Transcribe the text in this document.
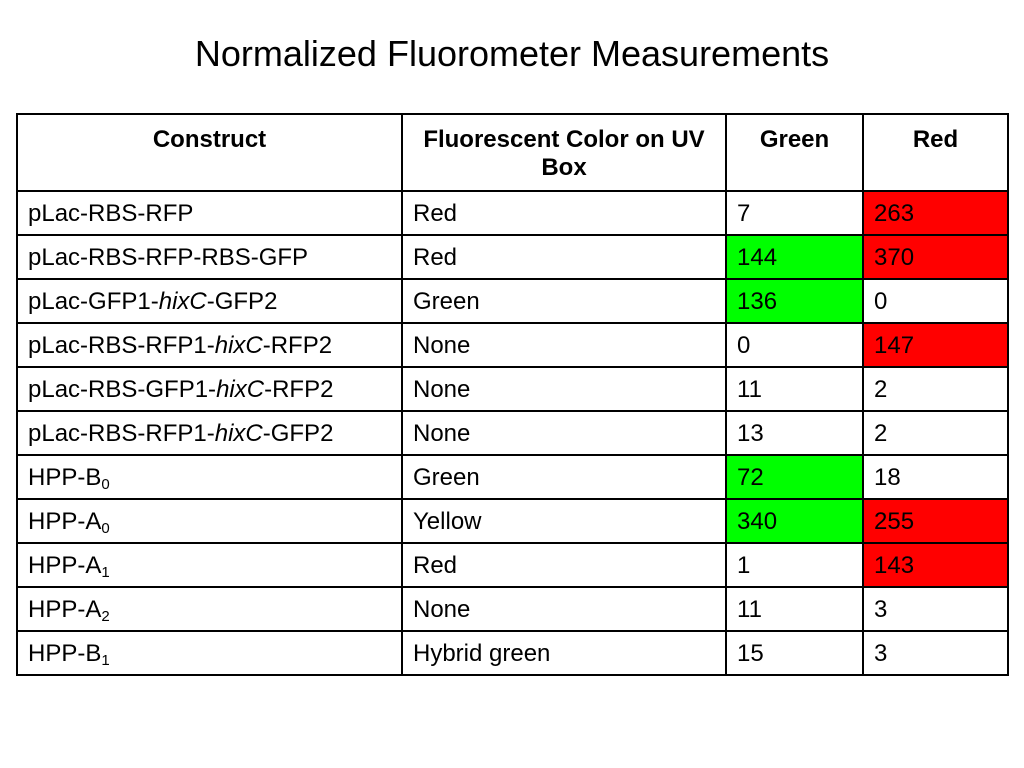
Normalized Fluorometer Measurements
Construct	Fluorescent Color on UV Box	Green	Red
pLac-RBS-RFP	Red	7	263
pLac-RBS-RFP-RBS-GFP	Red	144	370
pLac-GFP1-hixC-GFP2	Green	136	0
pLac-RBS-RFP1-hixC-RFP2	None	0	147
pLac-RBS-GFP1-hixC-RFP2	None	11	2
pLac-RBS-RFP1-hixC-GFP2	None	13	2
HPP-$B_0$	Green	72	18
HPP-$A_0$	Yellow	340	255
HPP-$A_1$	Red	1	143
HPP-$A_2$	None	11	3
HPP-$B_1$	Hybrid green	15	3
